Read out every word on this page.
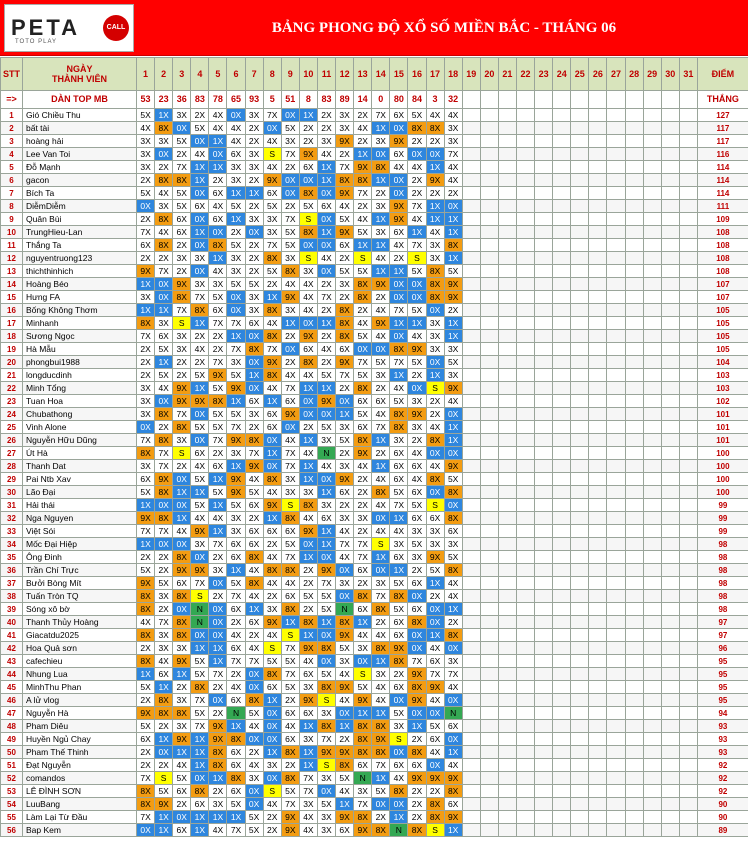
PETA	CALL
TOTO PLAY
BẢNG PHONG ĐỘ XỔ SỐ MIỀN BẮC - THÁNG 06
STT	NGÀY
THÀNH VIÊN	1	2	3	4	5	6	7	8	9	10	11	12	13	14	15	16	17	18	19	20	21	22	23	24	25	26	27	28	29	30	31	ĐIỂM
=>	DÀN TOP MB	53	23	36	83	78	65	93	5	51	8	83	89	14	0	80	84	3	32														THẮNG
1	Gió Chiều Thu	5X	1X	3X	2X	4X	0X	3X	7X	0X	1X	2X	3X	2X	7X	6X	5X	4X	4X														127
2	bất tài	4X	8X	0X	5X	4X	4X	2X	0X	5X	2X	2X	3X	4X	1X	0X	8X	8X	3X														117
3	hoàng hải	3X	3X	5X	0X	1X	4X	2X	4X	3X	2X	3X	9X	2X	3X	9X	2X	2X	3X														117
4	Lee Van Toi	3X	0X	2X	4X	0X	6X	3X	S	7X	9X	4X	2X	1X	0X	6X	0X	0X	7X														116
5	Đỗ Mạnh	3X	2X	7X	1X	1X	3X	3X	4X	2X	6X	1X	7X	9X	8X	4X	4X	1X	4X														114
6	gacon	2X	8X	8X	1X	2X	3X	2X	9X	0X	0X	1X	8X	8X	1X	0X	2X	9X	4X														114
7	Bích Ta	5X	4X	5X	0X	6X	1X	1X	6X	0X	8X	0X	9X	7X	2X	0X	2X	2X	2X														114
8	DiễmDiễm	0X	3X	5X	6X	4X	5X	2X	5X	2X	5X	6X	4X	2X	3X	9X	7X	1X	0X														111
9	Quân Bùi	2X	8X	6X	0X	6X	1X	3X	3X	7X	S	0X	5X	4X	1X	9X	4X	1X	1X														109
10	TrungHieu-Lan	7X	4X	6X	1X	0X	2X	0X	3X	5X	8X	1X	9X	5X	3X	6X	1X	4X	1X														108
11	Thắng Ta	6X	8X	2X	0X	8X	5X	2X	7X	5X	0X	0X	6X	1X	1X	4X	7X	3X	8X														108
12	nguyentruong123	2X	2X	3X	3X	1X	3X	2X	8X	3X	S	4X	2X	S	4X	2X	S	3X	1X														108
13	thichthinhich	9X	7X	2X	0X	4X	3X	2X	5X	8X	3X	0X	5X	5X	1X	1X	5X	8X	5X														108
14	Hoàng Béo	1X	0X	9X	3X	3X	5X	5X	2X	4X	4X	2X	3X	8X	9X	0X	0X	8X	9X														107
15	Hưng FA	3X	0X	8X	7X	5X	0X	3X	1X	9X	4X	7X	2X	8X	2X	0X	0X	8X	9X														107
16	Bống Không Thơm	1X	1X	7X	8X	6X	0X	3X	8X	3X	4X	2X	8X	2X	4X	7X	5X	0X	2X														105
17	Minhanh	8X	3X	S	1X	7X	7X	6X	4X	1X	0X	1X	8X	4X	9X	1X	1X	3X	1X														105
18	Sương Ngọc	7X	6X	3X	2X	2X	1X	0X	8X	2X	9X	2X	8X	5X	4X	0X	4X	3X	1X														105
19	Hà Mẫu	2X	5X	3X	4X	2X	7X	8X	7X	0X	6X	4X	6X	0X	0X	8X	9X	3X	3X														105
20	phongbui1988	2X	1X	2X	2X	7X	3X	0X	9X	2X	8X	2X	9X	7X	5X	7X	5X	0X	5X														104
21	longducdinh	2X	5X	2X	5X	9X	5X	1X	8X	4X	4X	5X	7X	5X	3X	1X	2X	1X	3X														103
22	Minh Tổng	3X	4X	9X	1X	5X	9X	0X	4X	7X	1X	1X	2X	8X	2X	4X	0X	S	9X														103
23	Tuan Hoa	3X	0X	9X	9X	8X	1X	6X	1X	6X	0X	9X	0X	6X	6X	5X	3X	2X	4X														102
24	Chubathong	3X	8X	7X	0X	5X	5X	3X	6X	9X	0X	0X	1X	5X	4X	8X	9X	2X	0X														101
25	Vinh Alone	0X	2X	8X	5X	5X	7X	2X	6X	0X	2X	5X	3X	6X	7X	8X	3X	4X	1X														101
26	Nguyễn Hữu Dũng	7X	8X	3X	0X	7X	9X	8X	0X	4X	1X	3X	5X	8X	1X	3X	2X	8X	1X														101
27	Út Hà	8X	7X	S	6X	2X	3X	7X	1X	7X	4X	N	2X	9X	2X	6X	4X	0X	0X														100
28	Thanh Dat	3X	7X	2X	4X	6X	1X	9X	0X	7X	1X	4X	3X	4X	1X	6X	6X	4X	9X														100
29	Pai Ntb Xav	6X	9X	0X	5X	1X	9X	4X	8X	3X	1X	0X	9X	2X	4X	6X	4X	8X	5X														100
30	Lão Đại	5X	8X	1X	1X	5X	9X	5X	4X	3X	3X	1X	6X	2X	8X	5X	6X	0X	8X														100
31	Hải thái	1X	0X	0X	5X	1X	5X	6X	9X	S	8X	3X	2X	2X	4X	7X	5X	S	0X														99
32	Nga Nguyen	9X	8X	1X	4X	4X	3X	2X	1X	8X	4X	6X	3X	3X	0X	1X	6X	6X	8X														99
33	Việt Sói	7X	7X	4X	9X	1X	3X	6X	6X	6X	9X	1X	4X	2X	4X	4X	3X	3X	6X														99
34	Mốc Đại Hiệp	1X	0X	0X	3X	7X	6X	6X	2X	5X	0X	1X	7X	7X	S	3X	5X	3X	3X														98
35	Ông Đinh	2X	2X	8X	0X	2X	6X	8X	4X	7X	1X	0X	4X	7X	1X	6X	3X	9X	5X														98
36	Trần Chí Trực	5X	2X	9X	9X	3X	1X	4X	8X	8X	2X	9X	0X	6X	0X	1X	2X	5X	8X														98
37	Bưởi Bòng Mít	9X	5X	6X	7X	0X	5X	8X	4X	4X	2X	7X	3X	2X	3X	5X	6X	1X	4X														98
38	Tuấn Tròn TQ	8X	3X	8X	S	2X	7X	4X	2X	6X	5X	5X	0X	8X	7X	8X	0X	2X	4X														98
39	Sóng xô bờ	8X	2X	0X	N	0X	6X	1X	3X	8X	2X	5X	N	6X	8X	5X	6X	0X	1X														98
40	Thanh Thủy Hoàng	4X	7X	8X	N	0X	2X	6X	9X	1X	8X	1X	8X	1X	2X	6X	8X	0X	2X														97
41	Giacatdu2025	8X	3X	8X	0X	0X	4X	2X	4X	S	1X	0X	9X	4X	4X	6X	0X	1X	8X														97
42	Hoa Quả sơn	2X	3X	3X	1X	1X	6X	4X	S	7X	9X	8X	5X	3X	8X	9X	0X	4X	0X														96
43	cafechieu	8X	4X	9X	5X	1X	7X	7X	5X	5X	4X	0X	3X	0X	1X	8X	7X	6X	3X														95
44	Nhung Lua	1X	6X	1X	5X	7X	2X	0X	8X	7X	6X	5X	4X	S	3X	2X	9X	7X	7X														95
45	MinhThu Phan	5X	1X	2X	8X	2X	4X	0X	6X	5X	3X	8X	9X	5X	4X	6X	8X	9X	4X														95
46	A lử vlog	2X	8X	3X	7X	0X	6X	8X	1X	2X	9X	S	4X	9X	4X	0X	9X	4X	0X														95
47	Nguyễn Hà	9X	8X	8X	5X	2X	N	5X	0X	6X	6X	3X	0X	1X	1X	5X	0X	0X	N														94
48	Pham Diêu	5X	2X	3X	7X	9X	1X	4X	0X	4X	1X	8X	1X	8X	8X	3X	1X	5X	6X														93
49	Huyền Ngủ Chay	6X	1X	9X	1X	9X	8X	0X	0X	6X	3X	7X	2X	8X	9X	S	2X	6X	0X														93
50	Pham Thế Thinh	2X	0X	1X	1X	8X	6X	2X	1X	8X	1X	9X	9X	8X	8X	0X	8X	4X	1X														93
51	Đạt Nguyễn	2X	2X	4X	1X	8X	6X	4X	3X	2X	1X	S	8X	6X	7X	6X	6X	0X	4X														92
52	comandos	7X	S	5X	0X	1X	8X	3X	0X	8X	7X	3X	5X	N	1X	4X	9X	9X	9X														92
53	LÊ ĐÌNH SƠN	8X	5X	6X	8X	2X	6X	0X	S	5X	7X	0X	4X	3X	5X	8X	2X	2X	8X														92
54	LuuBang	8X	9X	2X	6X	3X	5X	0X	4X	7X	3X	5X	1X	7X	0X	0X	2X	8X	6X														90
55	Làm Lại Từ Đầu	7X	1X	0X	1X	1X	1X	5X	2X	9X	4X	3X	9X	8X	2X	1X	2X	8X	9X														90
56	Bap Kem	0X	1X	6X	1X	4X	7X	5X	2X	9X	4X	3X	6X	9X	8X	N	8X	S	1X														89
